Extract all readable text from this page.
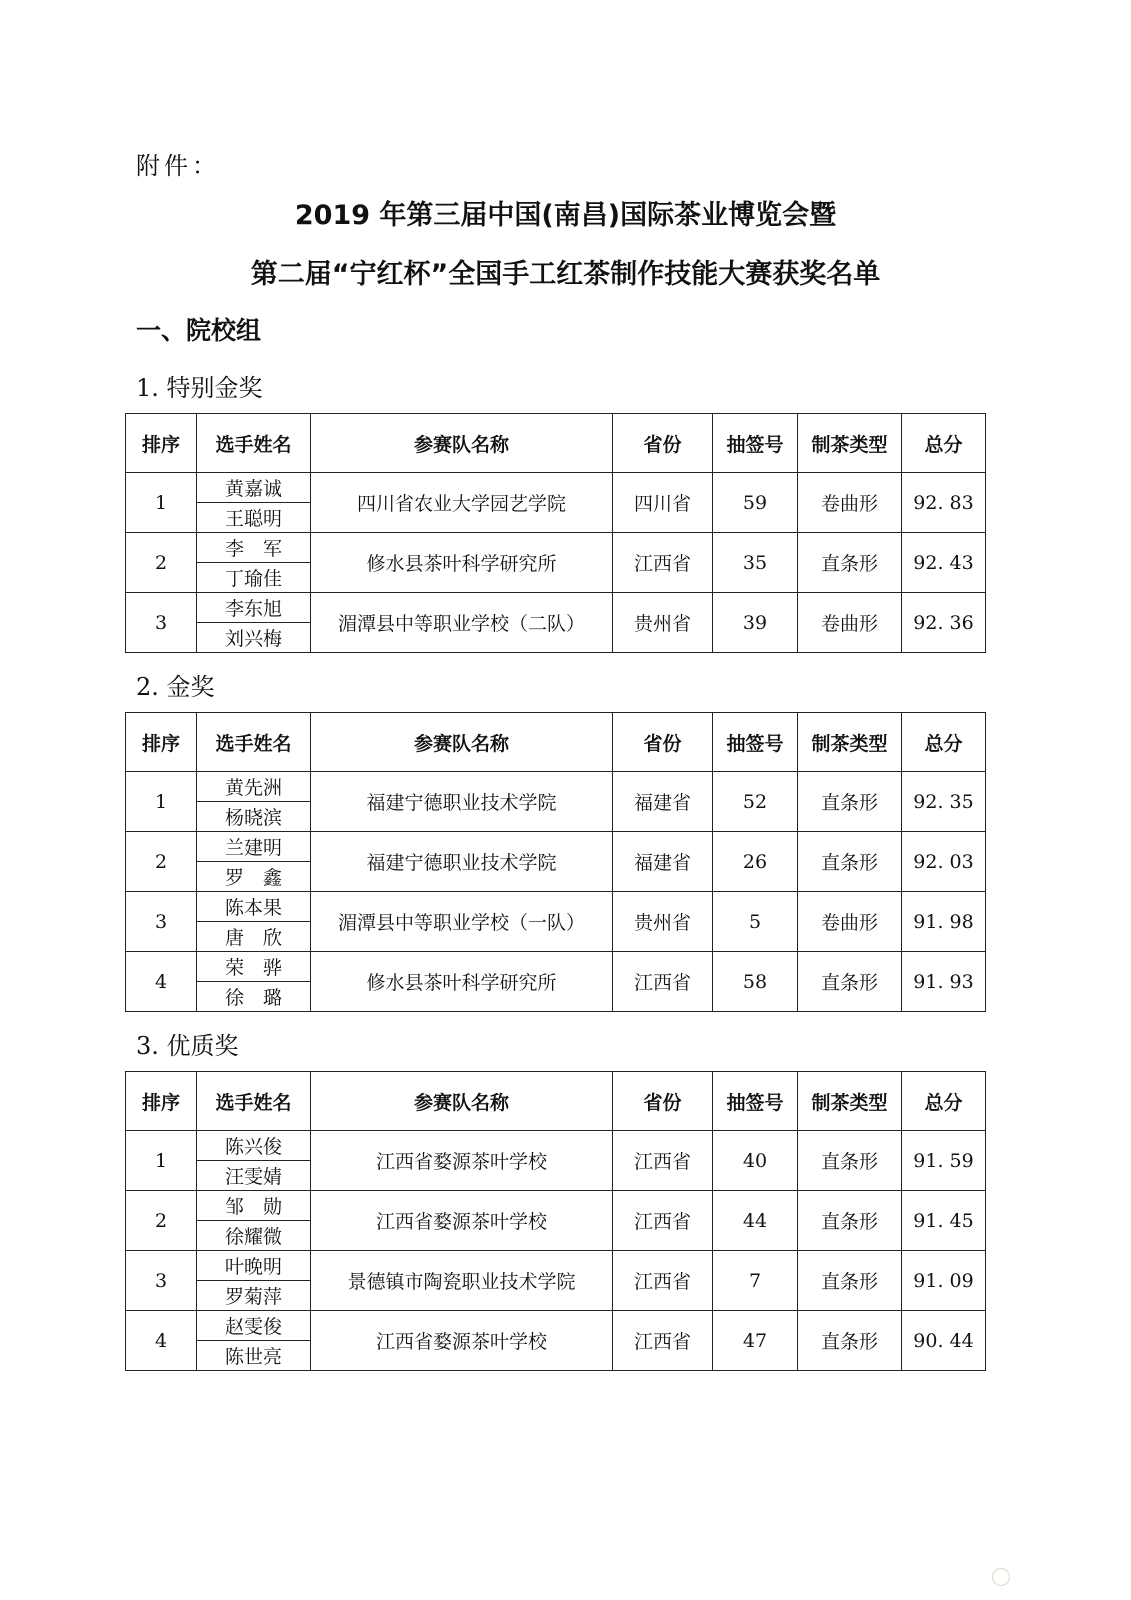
附件：
2019 年第三届中国(南昌)国际茶业博览会暨
第二届“宁红杯”全国手工红茶制作技能大赛获奖名单
一、院校组
1. 特别金奖
排序	选手姓名	参赛队名称	省份	抽签号	制茶类型	总分
1	黄嘉诚	四川省农业大学园艺学院	四川省	59	卷曲形	92. 83
	王聪明					
2	李　军	修水县茶叶科学研究所	江西省	35	直条形	92. 43
	丁瑜佳					
3	李东旭	湄潭县中等职业学校（二队）	贵州省	39	卷曲形	92. 36
	刘兴梅					
2. 金奖
排序	选手姓名	参赛队名称	省份	抽签号	制茶类型	总分
1	黄先洲	福建宁德职业技术学院	福建省	52	直条形	92. 35
	杨晓滨					
2	兰建明	福建宁德职业技术学院	福建省	26	直条形	92. 03
	罗　鑫					
3	陈本果	湄潭县中等职业学校（一队）	贵州省	5	卷曲形	91. 98
	唐　欣					
4	荣　骅	修水县茶叶科学研究所	江西省	58	直条形	91. 93
	徐　璐					
3. 优质奖
排序	选手姓名	参赛队名称	省份	抽签号	制茶类型	总分
1	陈兴俊	江西省婺源茶叶学校	江西省	40	直条形	91. 59
	汪雯婧					
2	邹　勋	江西省婺源茶叶学校	江西省	44	直条形	91. 45
	徐耀微					
3	叶晚明	景德镇市陶瓷职业技术学院	江西省	7	直条形	91. 09
	罗菊萍					
4	赵雯俊	江西省婺源茶叶学校	江西省	47	直条形	90. 44
	陈世亮					
